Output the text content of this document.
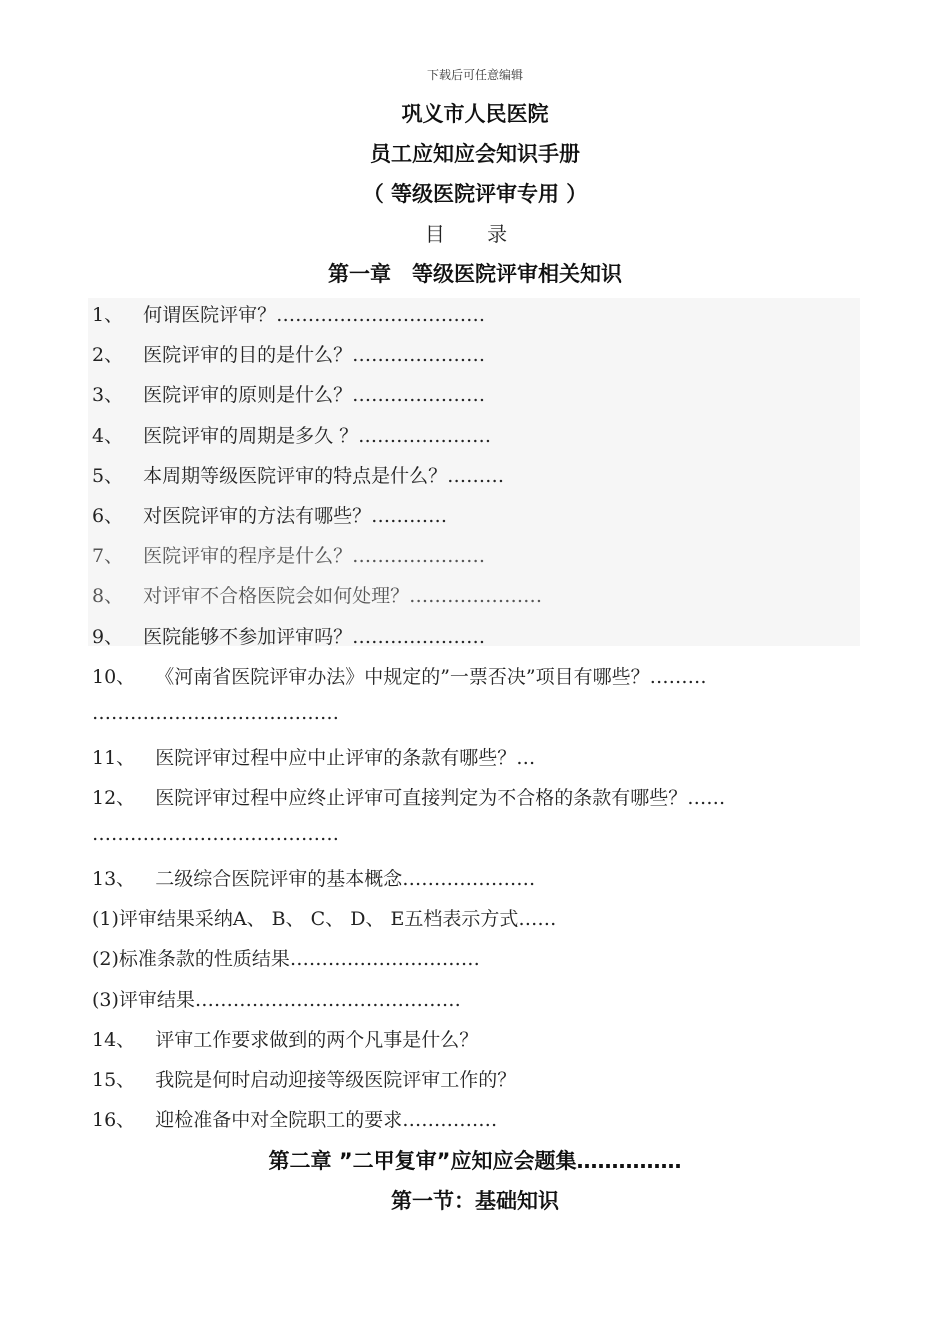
下载后可任意编辑
巩义市人民医院
员工应知应会知识手册
（ 等级医院评审专用 ）
目 录
第一章　等级医院评审相关知识
1、 何谓医院评审？……………………………
2、 医院评审的目的是什么？…………………
3、 医院评审的原则是什么？…………………
4、 医院评审的周期是多久 ？…………………
5、 本周期等级医院评审的特点是什么？………
6、 对医院评审的方法有哪些？…………
7、 医院评审的程序是什么？…………………
8、 对评审不合格医院会如何处理？…………………
9、 医院能够不参加评审吗？…………………
10、 《河南省医院评审办法》中规定的”一票否决”项目有哪些？………
…………………………………
11、 医院评审过程中应中止评审的条款有哪些？…
12、 医院评审过程中应终止评审可直接判定为不合格的条款有哪些？……
…………………………………
13、 二级综合医院评审的基本概念…………………
(1)评审结果采纳A、 B、 C、 D、 E五档表示方式……
(2)标准条款的性质结果…………………………
(3)评审结果……………………………………
14、 评审工作要求做到的两个凡事是什么？
15、 我院是何时启动迎接等级医院评审工作的？
16、 迎检准备中对全院职工的要求……………
第二章 ”二甲复审”应知应会题集……………
第一节：基础知识
